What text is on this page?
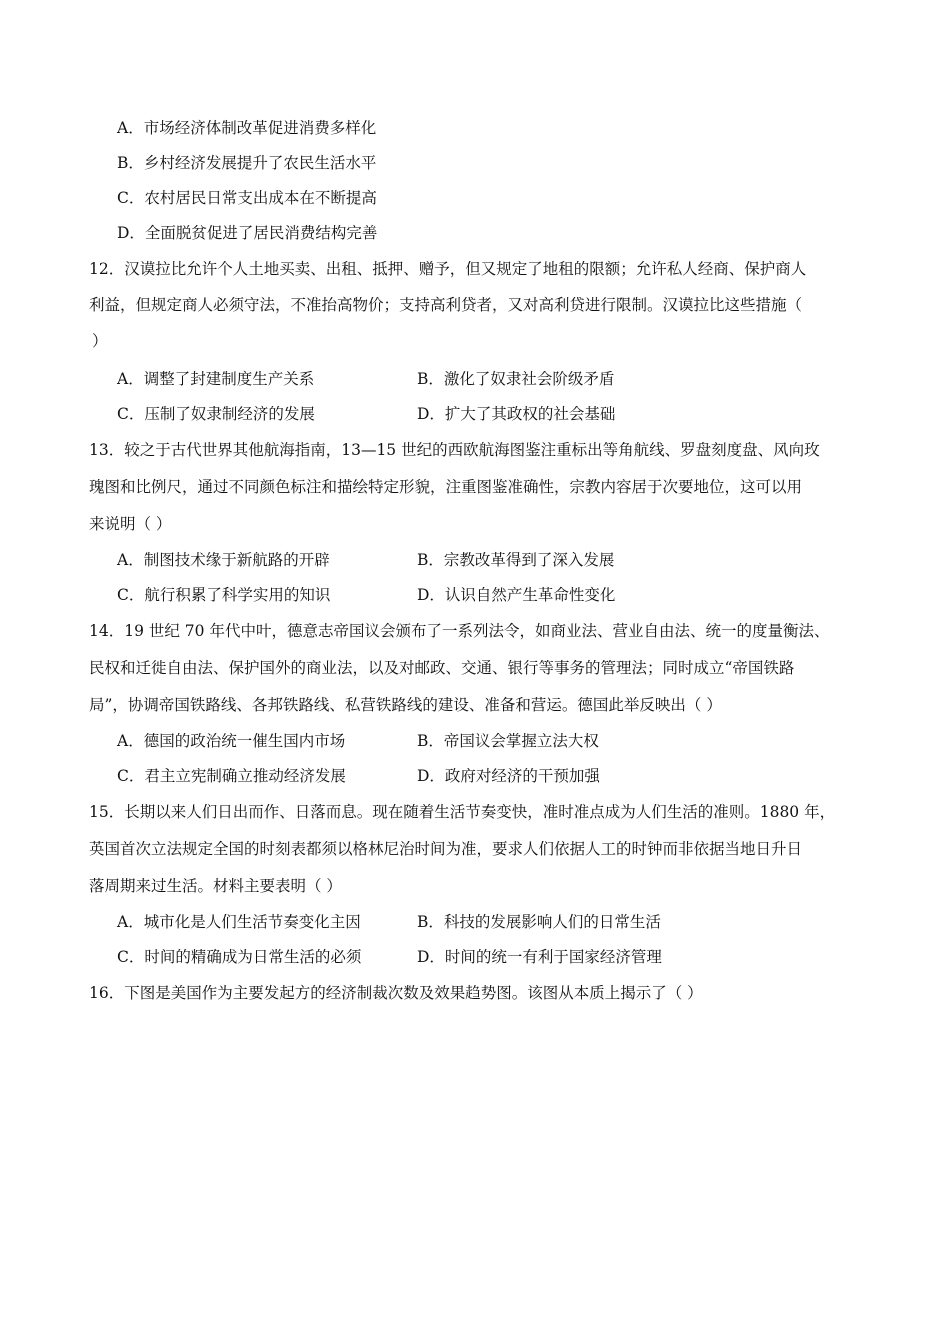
A．市场经济体制改革促进消费多样化
B．乡村经济发展提升了农民生活水平
C．农村居民日常支出成本在不断提高
D．全面脱贫促进了居民消费结构完善
12．汉谟拉比允许个人土地买卖、出租、抵押、赠予，但又规定了地租的限额；允许私人经商、保护商人
利益，但规定商人必须守法，不准抬高物价；支持高利贷者，又对高利贷进行限制。汉谟拉比这些措施（
）
A．调整了封建制度生产关系	B．激化了奴隶社会阶级矛盾
C．压制了奴隶制经济的发展	D．扩大了其政权的社会基础
13．较之于古代世界其他航海指南，13—15 世纪的西欧航海图鉴注重标出等角航线、罗盘刻度盘、风向玫
瑰图和比例尺，通过不同颜色标注和描绘特定形貌，注重图鉴准确性，宗教内容居于次要地位，这可以用
来说明（ ）
A．制图技术缘于新航路的开辟	B．宗教改革得到了深入发展
C．航行积累了科学实用的知识	D．认识自然产生革命性变化
14．19 世纪 70 年代中叶，德意志帝国议会颁布了一系列法令，如商业法、营业自由法、统一的度量衡法、
民权和迁徙自由法、保护国外的商业法，以及对邮政、交通、银行等事务的管理法；同时成立“帝国铁路
局”，协调帝国铁路线、各邦铁路线、私营铁路线的建设、准备和营运。德国此举反映出（ ）
A．德国的政治统一催生国内市场	B．帝国议会掌握立法大权
C．君主立宪制确立推动经济发展	D．政府对经济的干预加强
15．长期以来人们日出而作、日落而息。现在随着生活节奏变快，准时准点成为人们生活的准则。1880 年，
英国首次立法规定全国的时刻表都须以格林尼治时间为准，要求人们依据人工的时钟而非依据当地日升日
落周期来过生活。材料主要表明（ ）
A．城市化是人们生活节奏变化主因	B．科技的发展影响人们的日常生活
C．时间的精确成为日常生活的必须	D．时间的统一有利于国家经济管理
16．下图是美国作为主要发起方的经济制裁次数及效果趋势图。该图从本质上揭示了（ ）
